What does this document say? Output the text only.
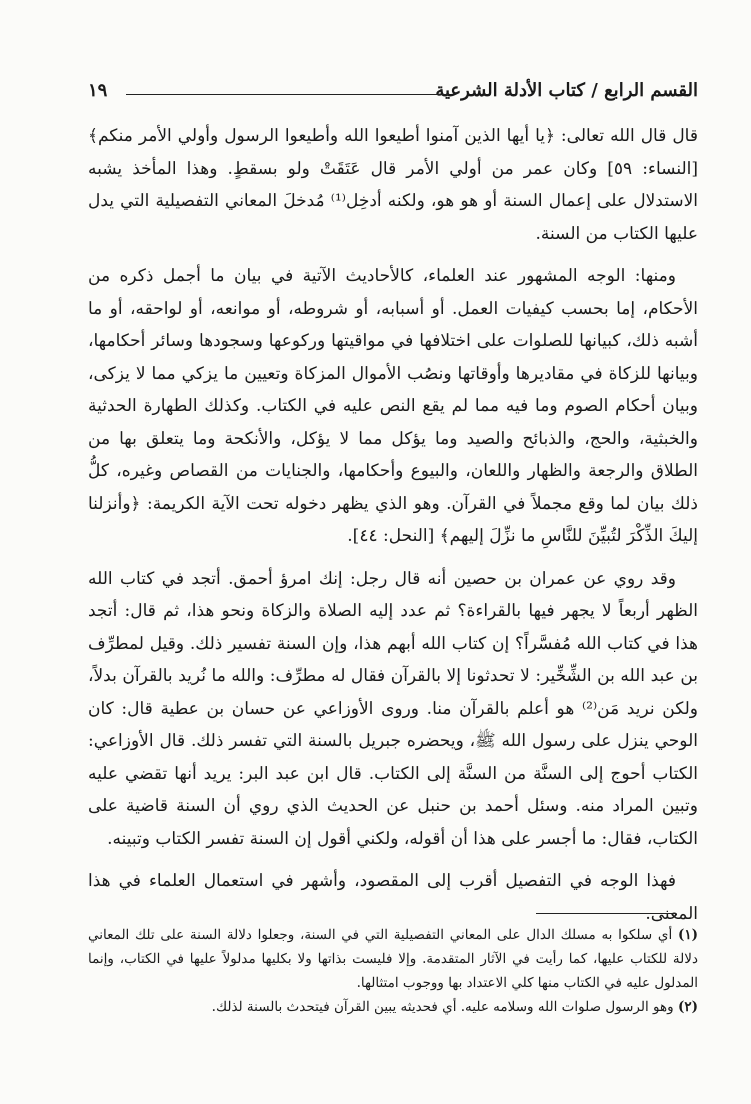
القسم الرابع / كتاب الأدلة الشرعية
١٩

قال قال الله تعالى: ﴿يا أيها الذين آمنوا أطيعوا الله وأطيعوا الرسول وأولي الأمر منكم﴾ [النساء: ٥٩] وكان عمر من أولي الأمر قال عَتَقَتْ ولو بسقطٍ. وهذا المأخذ يشبه الاستدلال على إعمال السنة أو هو هو، ولكنه أدخِل⁽¹⁾ مُدخلَ المعاني التفصيلية التي يدل عليها الكتاب من السنة.

ومنها: الوجه المشهور عند العلماء، كالأحاديث الآتية في بيان ما أجمل ذكره من الأحكام، إما بحسب كيفيات العمل. أو أسبابه، أو شروطه، أو موانعه، أو لواحقه، أو ما أشبه ذلك، كبيانها للصلوات على اختلافها في مواقيتها وركوعها وسجودها وسائر أحكامها، وبيانها للزكاة في مقاديرها وأوقاتها ونصُب الأموال المزكاة وتعيين ما يزكي مما لا يزكى، وبيان أحكام الصوم وما فيه مما لم يقع النص عليه في الكتاب. وكذلك الطهارة الحدثية والخبثية، والحج، والذبائح والصيد وما يؤكل مما لا يؤكل، والأنكحة وما يتعلق بها من الطلاق والرجعة والظهار واللعان، والبيوع وأحكامها، والجنايات من القصاص وغيره، كلُّ ذلك بيان لما وقع مجملاً في القرآن. وهو الذي يظهر دخوله تحت الآية الكريمة: ﴿وأنزلنا إليكَ الذِّكْرَ لتُبيِّنَ للنَّاسِ ما نزِّلَ إليهم﴾ [النحل: ٤٤].

وقد روي عن عمران بن حصين أنه قال رجل: إنك امرؤ أحمق. أتجد في كتاب الله الظهر أربعاً لا يجهر فيها بالقراءة؟ ثم عدد إليه الصلاة والزكاة ونحو هذا، ثم قال: أتجد هذا في كتاب الله مُفسَّراً؟ إن كتاب الله أبهم هذا، وإن السنة تفسير ذلك. وقيل لمطرِّف بن عبد الله بن الشِّخِّير: لا تحدثونا إلا بالقرآن فقال له مطرِّف: والله ما نُريد بالقرآن بدلاً، ولكن نريد مَن⁽²⁾ هو أعلم بالقرآن منا. وروى الأوزاعي عن حسان بن عطية قال: كان الوحي ينزل على رسول الله ﷺ، ويحضره جبريل بالسنة التي تفسر ذلك. قال الأوزاعي: الكتاب أحوج إلى السنَّة من السنَّة إلى الكتاب. قال ابن عبد البر: يريد أنها تقضي عليه وتبين المراد منه. وسئل أحمد بن حنبل عن الحديث الذي روي أن السنة قاضية على الكتاب، فقال: ما أجسر على هذا أن أقوله، ولكني أقول إن السنة تفسر الكتاب وتبينه.

فهذا الوجه في التفصيل أقرب إلى المقصود، وأشهر في استعمال العلماء في هذا المعنى.

(١) أي سلكوا به مسلك الدال على المعاني التفصيلية التي في السنة، وجعلوا دلالة السنة على تلك المعاني دلالة للكتاب عليها، كما رأيت في الآثار المتقدمة. وإلا فليست بذاتها ولا بكليها مدلولاً عليها في الكتاب، وإنما المدلول عليه في الكتاب منها كلي الاعتداد بها ووجوب امتثالها.

(٢) وهو الرسول صلوات الله وسلامه عليه. أي فحديثه يبين القرآن فيتحدث بالسنة لذلك.
